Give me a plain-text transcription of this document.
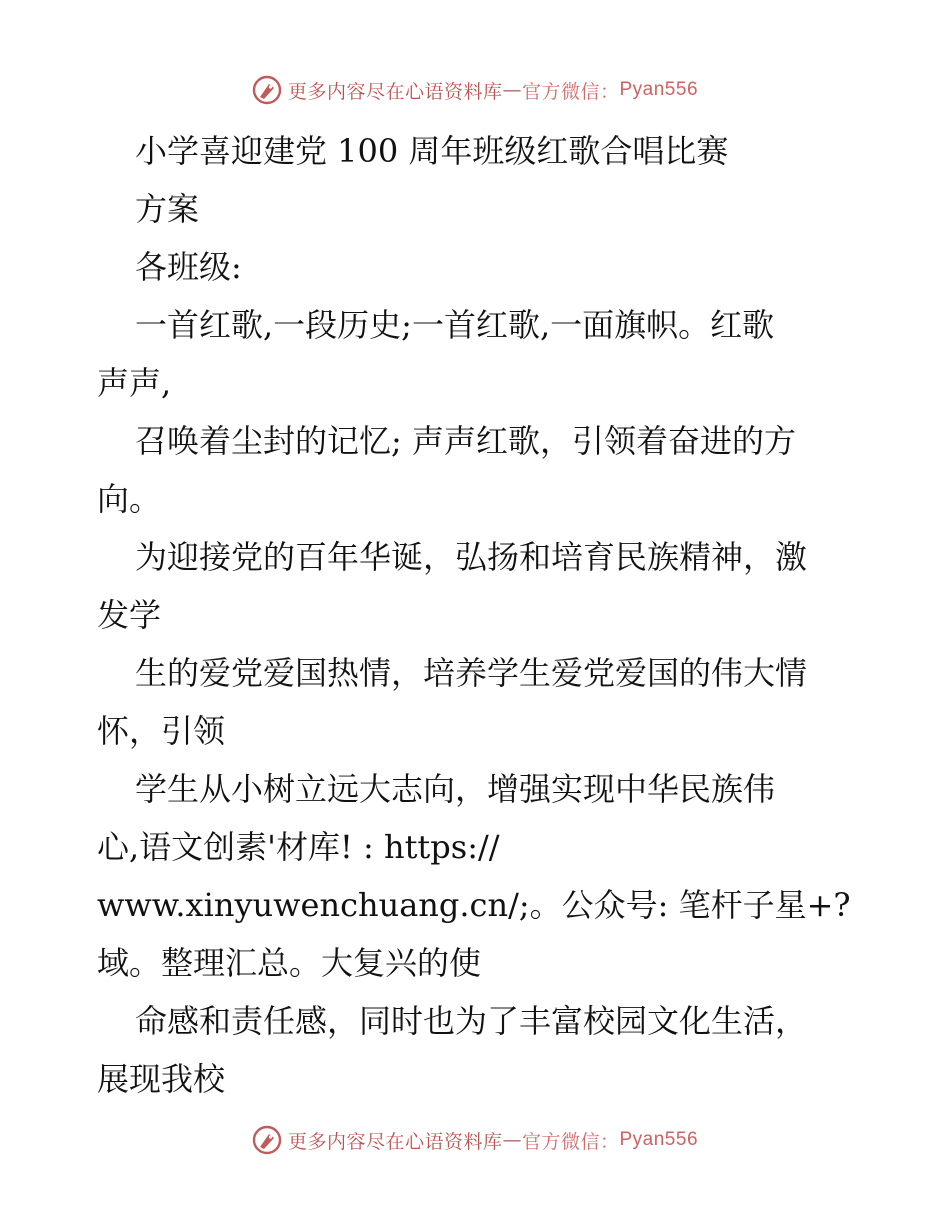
更多内容尽在心语资料库 — 官方微信： Pyan556
小学喜迎建党 100 周年班级红歌合唱比赛
方案
各班级:
一首红歌,一段历史;一首红歌,一面旗帜。红歌
声声,
召唤着尘封的记忆; 声声红歌，引领着奋进的方
向。
为迎接党的百年华诞，弘扬和培育民族精神，激
发学
生的爱党爱国热情，培养学生爱党爱国的伟大情
怀，引领
学生从小树立远大志向，增强实现中华民族伟
心,语文创素'材库! : https://
www.xinyuwenchuang.cn/;。公众号: 笔杆子星+?
域。整理汇总。大复兴的使
命感和责任感，同时也为了丰富校园文化生活，
展现我校
更多内容尽在心语资料库 — 官方微信： Pyan556
